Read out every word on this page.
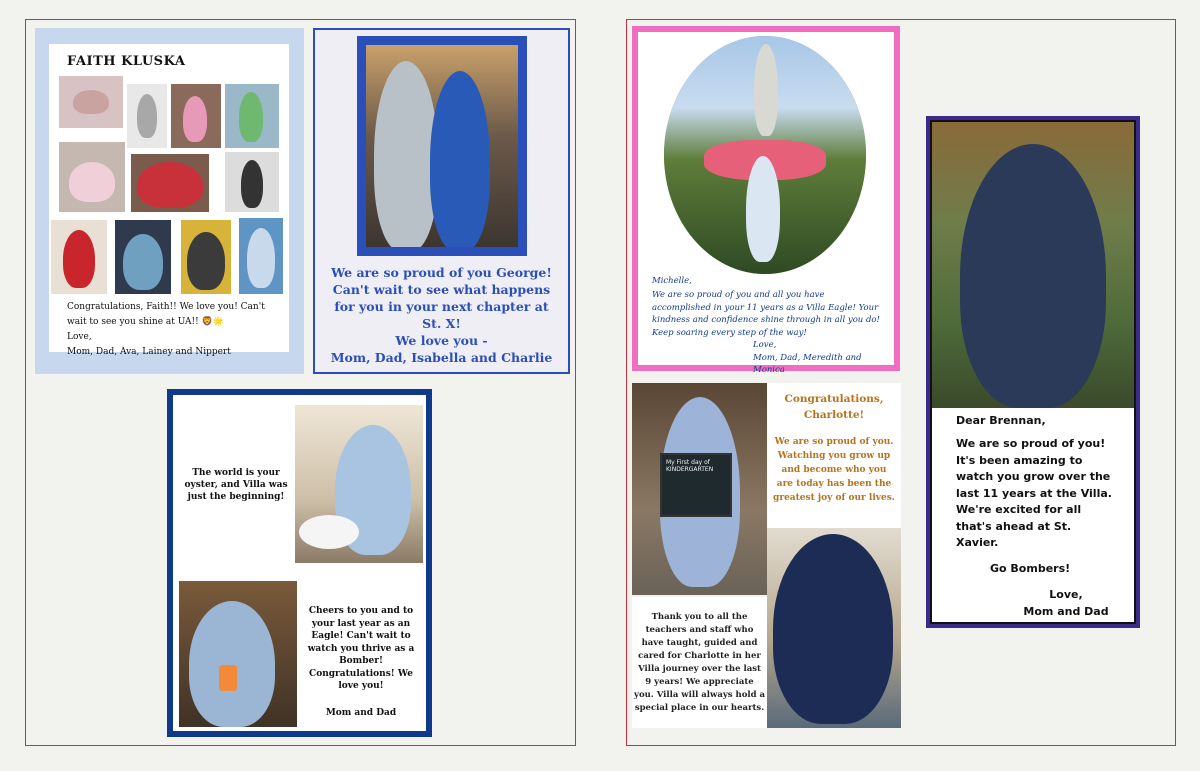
FAITH KLUSKA
Congratulations, Faith!! We love you! Can't wait to see you shine at UA!! 🦁🌟
Love,
Mom, Dad, Ava, Lainey and Nippert
We are so proud of you George!
Can't wait to see what happens for you in your next chapter at St. X!
We love you -
Mom, Dad, Isabella and Charlie
The world is your oyster, and Villa was just the beginning!
Cheers to you and to your last year as an Eagle! Can't wait to watch you thrive as a Bomber! Congratulations! We love you!
Mom and Dad
Michelle,
We are so proud of you and all you have accomplished in your 11 years as a Villa Eagle! Your kindness and confidence shine through in all you do! Keep soaring every step of the way!
Love,
Mom, Dad, Meredith and Monica
My First day of
KINDERGARTEN
Congratulations,
Charlotte!
We are so proud of you. Watching you grow up and become who you are today has been the greatest joy of our lives.
Thank you to all the teachers and staff who have taught, guided and cared for Charlotte in her Villa journey over the last 9 years! We appreciate you. Villa will always hold a special place in our hearts.
Dear Brennan,
We are so proud of you! It's been amazing to watch you grow over the last 11 years at the Villa. We're excited for all that's ahead at St. Xavier.
Go Bombers!
Love,
Mom and Dad
